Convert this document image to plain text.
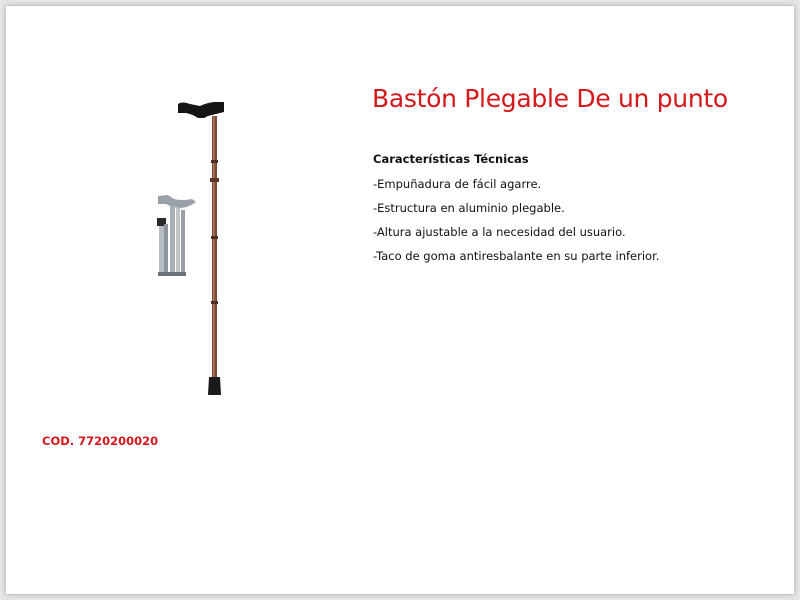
Bastón Plegable De un punto
Características Técnicas
-Empuñadura de fácil agarre.
-Estructura en aluminio plegable.
-Altura ajustable a la necesidad del usuario.
-Taco de goma antiresbalante en su parte inferior.
COD. 7720200020
